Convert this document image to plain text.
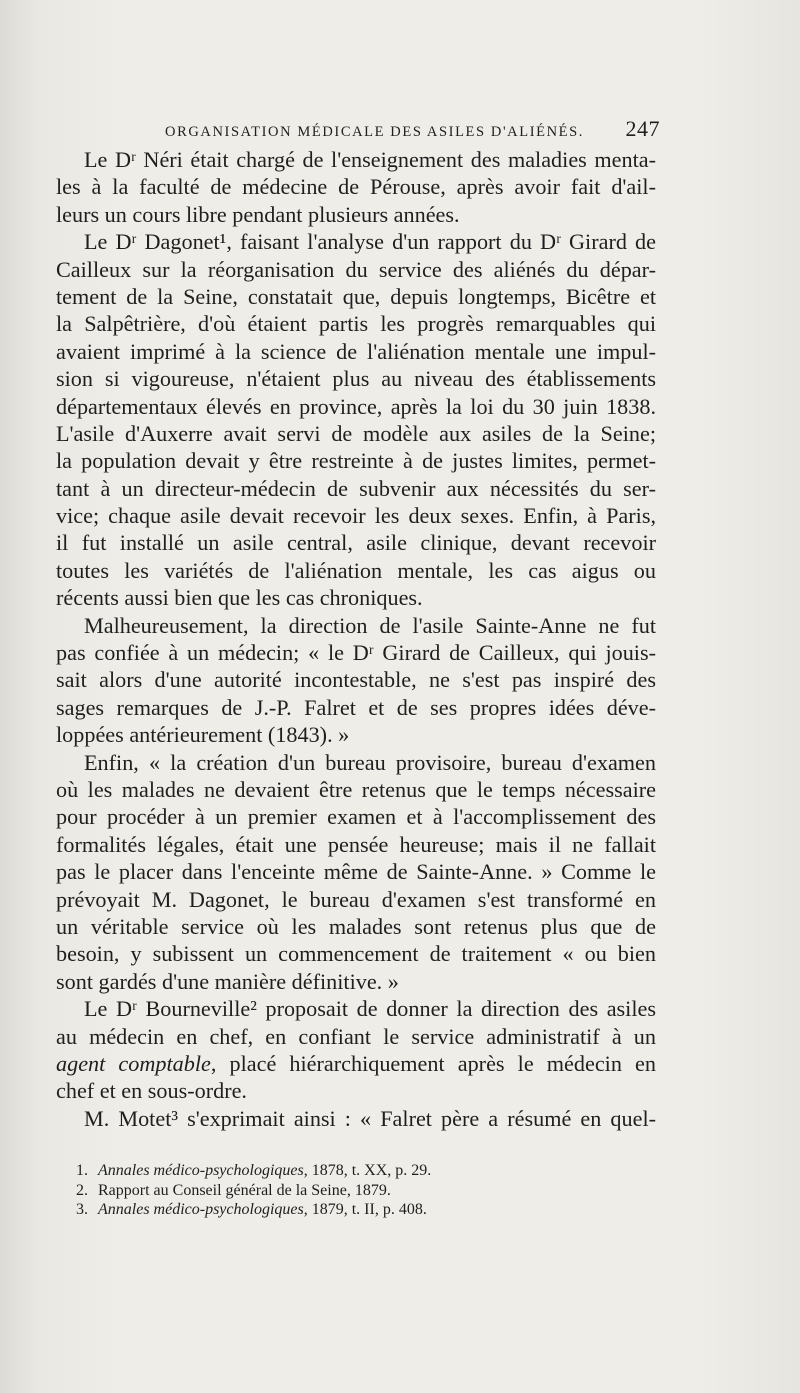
ORGANISATION MÉDICALE DES ASILES D'ALIÉNÉS. 247
Le Dʳ Néri était chargé de l'enseignement des maladies menta-
les à la faculté de médecine de Pérouse, après avoir fait d'ail-
leurs un cours libre pendant plusieurs années.
Le Dʳ Dagonet¹, faisant l'analyse d'un rapport du Dʳ Girard de
Cailleux sur la réorganisation du service des aliénés du dépar-
tement de la Seine, constatait que, depuis longtemps, Bicêtre et
la Salpêtrière, d'où étaient partis les progrès remarquables qui
avaient imprimé à la science de l'aliénation mentale une impul-
sion si vigoureuse, n'étaient plus au niveau des établissements
départementaux élevés en province, après la loi du 30 juin 1838.
L'asile d'Auxerre avait servi de modèle aux asiles de la Seine;
la population devait y être restreinte à de justes limites, permet-
tant à un directeur-médecin de subvenir aux nécessités du ser-
vice; chaque asile devait recevoir les deux sexes. Enfin, à Paris,
il fut installé un asile central, asile clinique, devant recevoir
toutes les variétés de l'aliénation mentale, les cas aigus ou
récents aussi bien que les cas chroniques.
Malheureusement, la direction de l'asile Sainte-Anne ne fut
pas confiée à un médecin; « le Dʳ Girard de Cailleux, qui jouis-
sait alors d'une autorité incontestable, ne s'est pas inspiré des
sages remarques de J.-P. Falret et de ses propres idées déve-
loppées antérieurement (1843). »
Enfin, « la création d'un bureau provisoire, bureau d'examen
où les malades ne devaient être retenus que le temps nécessaire
pour procéder à un premier examen et à l'accomplissement des
formalités légales, était une pensée heureuse; mais il ne fallait
pas le placer dans l'enceinte même de Sainte-Anne. » Comme le
prévoyait M. Dagonet, le bureau d'examen s'est transformé en
un véritable service où les malades sont retenus plus que de
besoin, y subissent un commencement de traitement « ou bien
sont gardés d'une manière définitive. »
Le Dʳ Bourneville² proposait de donner la direction des asiles
au médecin en chef, en confiant le service administratif à un
agent comptable, placé hiérarchiquement après le médecin en
chef et en sous-ordre.
M. Motet³ s'exprimait ainsi : « Falret père a résumé en quel-
1. Annales médico-psychologiques, 1878, t. XX, p. 29.
2. Rapport au Conseil général de la Seine, 1879.
3. Annales médico-psychologiques, 1879, t. II, p. 408.
